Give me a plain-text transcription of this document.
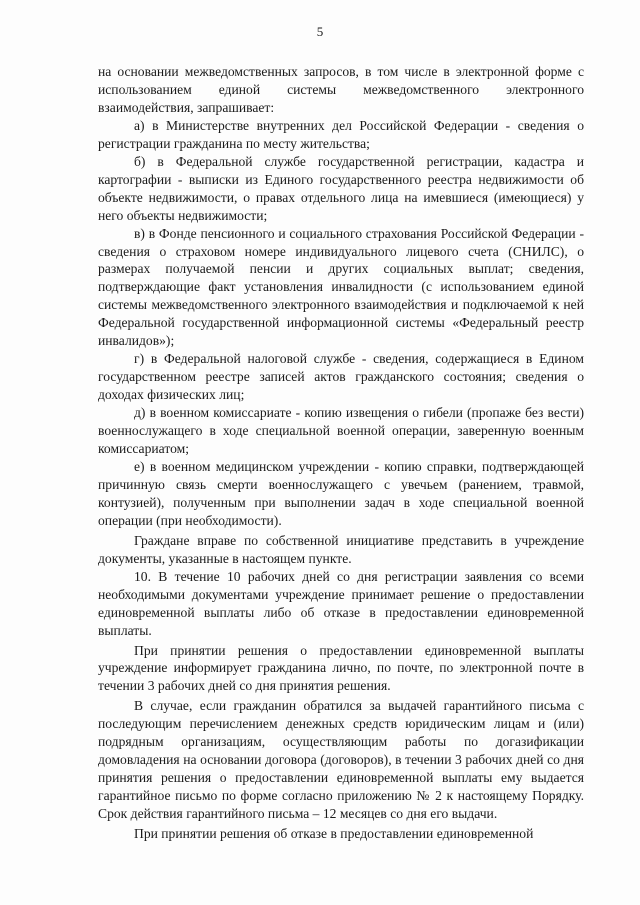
5

на основании межведомственных запросов, в том числе в электронной форме с использованием единой системы межведомственного электронного взаимодействия, запрашивает:

а) в Министерстве внутренних дел Российской Федерации - сведения о регистрации гражданина по месту жительства;

б) в Федеральной службе государственной регистрации, кадастра и картографии - выписки из Единого государственного реестра недвижимости об объекте недвижимости, о правах отдельного лица на имевшиеся (имеющиеся) у него объекты недвижимости;

в) в Фонде пенсионного и социального страхования Российской Федерации - сведения о страховом номере индивидуального лицевого счета (СНИЛС), о размерах получаемой пенсии и других социальных выплат; сведения, подтверждающие факт установления инвалидности (с использованием единой системы межведомственного электронного взаимодействия и подключаемой к ней Федеральной государственной информационной системы «Федеральный реестр инвалидов»);

г) в Федеральной налоговой службе - сведения, содержащиеся в Едином государственном реестре записей актов гражданского состояния; сведения о доходах физических лиц;

д) в военном комиссариате - копию извещения о гибели (пропаже без вести) военнослужащего в ходе специальной военной операции, заверенную военным комиссариатом;

е) в военном медицинском учреждении - копию справки, подтверждающей причинную связь смерти военнослужащего с увечьем (ранением, травмой, контузией), полученным при выполнении задач в ходе специальной военной операции (при необходимости).

Граждане вправе по собственной инициативе представить в учреждение документы, указанные в настоящем пункте.

10. В течение 10 рабочих дней со дня регистрации заявления со всеми необходимыми документами учреждение принимает решение о предоставлении единовременной выплаты либо об отказе в предоставлении единовременной выплаты.

При принятии решения о предоставлении единовременной выплаты учреждение информирует гражданина лично, по почте, по электронной почте в течении 3 рабочих дней со дня принятия решения.

В случае, если гражданин обратился за выдачей гарантийного письма с последующим перечислением денежных средств юридическим лицам и (или) подрядным организациям, осуществляющим работы по догазификации домовладения на основании договора (договоров), в течении 3 рабочих дней со дня принятия решения о предоставлении единовременной выплаты ему выдается гарантийное письмо по форме согласно приложению № 2 к настоящему Порядку. Срок действия гарантийного письма – 12 месяцев со дня его выдачи.

При принятии решения об отказе в предоставлении единовременной
